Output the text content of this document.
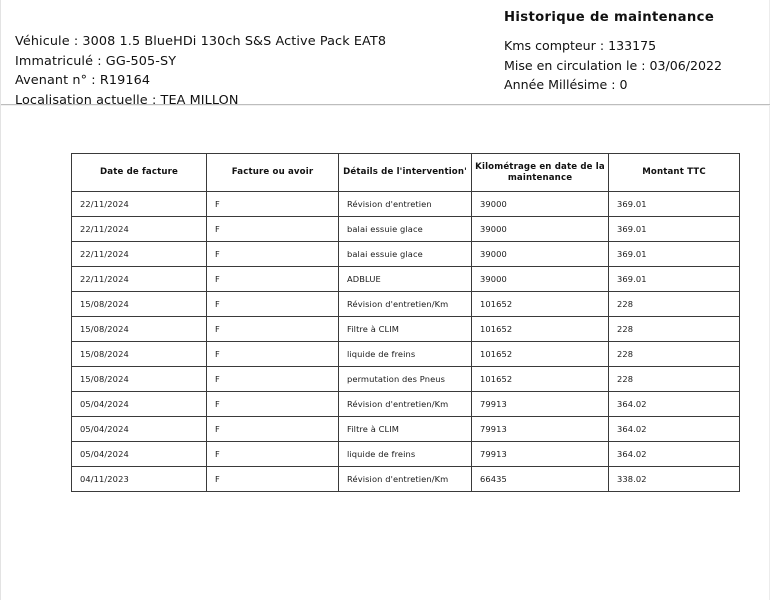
Véhicule : 3008 1.5 BlueHDi 130ch S&S Active Pack EAT8
Immatriculé : GG-505-SY
Avenant n° : R19164
Localisation actuelle : TEA MILLON
Historique de maintenance
Kms compteur : 133175
Mise en circulation le : 03/06/2022
Année Millésime : 0
Date de facture	Facture ou avoir	Détails de l'intervention'	Kilométrage en date de la maintenance	Montant TTC
22/11/2024	F	Révision d'entretien	39000	369.01
22/11/2024	F	balai essuie glace	39000	369.01
22/11/2024	F	balai essuie glace	39000	369.01
22/11/2024	F	ADBLUE	39000	369.01
15/08/2024	F	Révision d'entretien/Km	101652	228
15/08/2024	F	Filtre à CLIM	101652	228
15/08/2024	F	liquide de freins	101652	228
15/08/2024	F	permutation des Pneus	101652	228
05/04/2024	F	Révision d'entretien/Km	79913	364.02
05/04/2024	F	Filtre à CLIM	79913	364.02
05/04/2024	F	liquide de freins	79913	364.02
04/11/2023	F	Révision d'entretien/Km	66435	338.02
